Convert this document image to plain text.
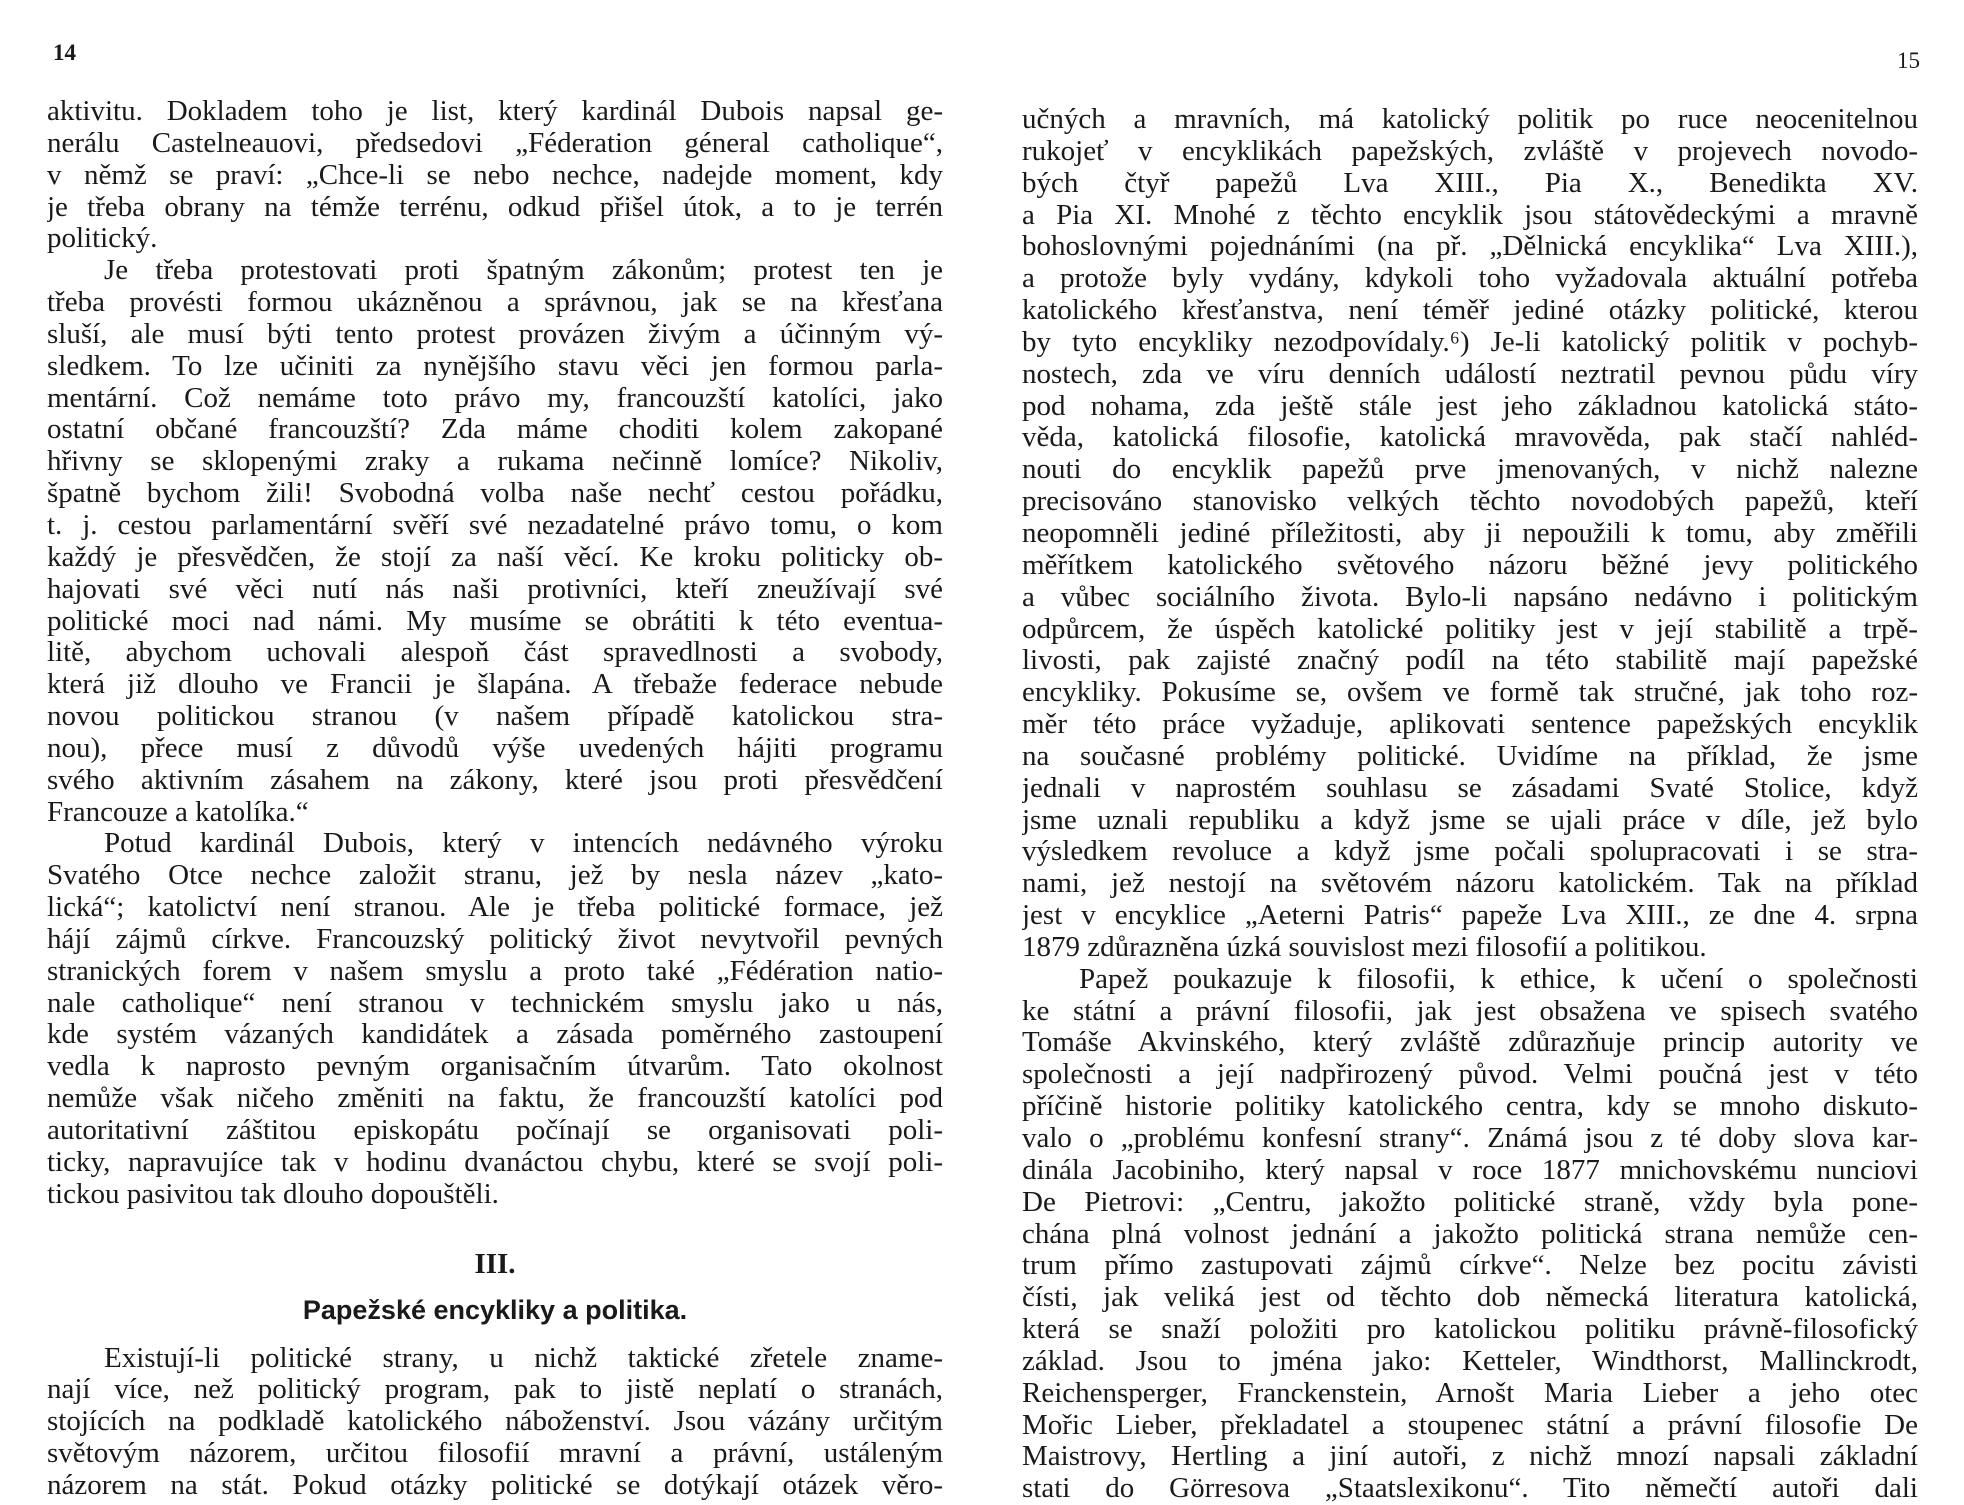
14
aktivitu. Dokladem toho je list, který kardinál Dubois napsal ge-
nerálu Castelneauovi, předsedovi „Féderation géneral catholique“,
v němž se praví: „Chce-li se nebo nechce, nadejde moment, kdy
je třeba obrany na témže terrénu, odkud přišel útok, a to je terrén
politický.
Je třeba protestovati proti špatným zákonům; protest ten je
třeba provésti formou ukázněnou a správnou, jak se na křesťana
sluší, ale musí býti tento protest provázen živým a účinným vý-
sledkem. To lze učiniti za nynějšího stavu věci jen formou parla-
mentární. Což nemáme toto právo my, francouzští katolíci, jako
ostatní občané francouzští? Zda máme choditi kolem zakopané
hřivny se sklopenými zraky a rukama nečinně lomíce? Nikoliv,
špatně bychom žili! Svobodná volba naše nechť cestou pořádku,
t. j. cestou parlamentární svěří své nezadatelné právo tomu, o kom
každý je přesvědčen, že stojí za naší věcí. Ke kroku politicky ob-
hajovati své věci nutí nás naši protivníci, kteří zneužívají své
politické moci nad námi. My musíme se obrátiti k této eventua-
litě, abychom uchovali alespoň část spravedlnosti a svobody,
která již dlouho ve Francii je šlapána. A třebaže federace nebude
novou politickou stranou (v našem případě katolickou stra-
nou), přece musí z důvodů výše uvedených hájiti programu
svého aktivním zásahem na zákony, které jsou proti přesvědčení
Francouze a katolíka.“
Potud kardinál Dubois, který v intencích nedávného výroku
Svatého Otce nechce založit stranu, jež by nesla název „kato-
lická“; katolictví není stranou. Ale je třeba politické formace, jež
hájí zájmů církve. Francouzský politický život nevytvořil pevných
stranických forem v našem smyslu a proto také „Fédération natio-
nale catholique“ není stranou v technickém smyslu jako u nás,
kde systém vázaných kandidátek a zásada poměrného zastoupení
vedla k naprosto pevným organisačním útvarům. Tato okolnost
nemůže však ničeho změniti na faktu, že francouzští katolíci pod
autoritativní záštitou episkopátu počínají se organisovati poli-
ticky, napravujíce tak v hodinu dvanáctou chybu, které se svojí poli-
tickou pasivitou tak dlouho dopouštěli.
III.
Papežské encykliky a politika.
Existují-li politické strany, u nichž taktické zřetele zname-
nají více, než politický program, pak to jistě neplatí o stranách,
stojících na podkladě katolického náboženství. Jsou vázány určitým
světovým názorem, určitou filosofií mravní a právní, ustáleným
názorem na stát. Pokud otázky politické se dotýkají otázek věro-
15
učných a mravních, má katolický politik po ruce neocenitelnou
rukojeť v encyklikách papežských, zvláště v projevech novodo-
bých čtyř papežů Lva XIII., Pia X., Benedikta XV.
a Pia XI. Mnohé z těchto encyklik jsou státovědeckými a mravně
bohoslovnými pojednáními (na př. „Dělnická encyklika“ Lva XIII.),
a protože byly vydány, kdykoli toho vyžadovala aktuální potřeba
katolického křesťanstva, není téměř jediné otázky politické, kterou
by tyto encykliky nezodpovídaly.⁶) Je-li katolický politik v pochyb-
nostech, zda ve víru denních událostí neztratil pevnou půdu víry
pod nohama, zda ještě stále jest jeho základnou katolická státo-
věda, katolická filosofie, katolická mravověda, pak stačí nahléd-
nouti do encyklik papežů prve jmenovaných, v nichž nalezne
precisováno stanovisko velkých těchto novodobých papežů, kteří
neopomněli jediné příležitosti, aby ji nepoužili k tomu, aby změřili
měřítkem katolického světového názoru běžné jevy politického
a vůbec sociálního života. Bylo-li napsáno nedávno i politickým
odpůrcem, že úspěch katolické politiky jest v její stabilitě a trpě-
livosti, pak zajisté značný podíl na této stabilitě mají papežské
encykliky. Pokusíme se, ovšem ve formě tak stručné, jak toho roz-
měr této práce vyžaduje, aplikovati sentence papežských encyklik
na současné problémy politické. Uvidíme na příklad, že jsme
jednali v naprostém souhlasu se zásadami Svaté Stolice, když
jsme uznali republiku a když jsme se ujali práce v díle, jež bylo
výsledkem revoluce a když jsme počali spolupracovati i se stra-
nami, jež nestojí na světovém názoru katolickém. Tak na příklad
jest v encyklice „Aeterni Patris“ papeže Lva XIII., ze dne 4. srpna
1879 zdůrazněna úzká souvislost mezi filosofií a politikou.
Papež poukazuje k filosofii, k ethice, k učení o společnosti
ke státní a právní filosofii, jak jest obsažena ve spisech svatého
Tomáše Akvinského, který zvláště zdůrazňuje princip autority ve
společnosti a její nadpřirozený původ. Velmi poučná jest v této
příčině historie politiky katolického centra, kdy se mnoho diskuto-
valo o „problému konfesní strany“. Známá jsou z té doby slova kar-
dinála Jacobiniho, který napsal v roce 1877 mnichovskému nunciovi
De Pietrovi: „Centru, jakožto politické straně, vždy byla pone-
chána plná volnost jednání a jakožto politická strana nemůže cen-
trum přímo zastupovati zájmů církve“. Nelze bez pocitu závisti
čísti, jak veliká jest od těchto dob německá literatura katolická,
která se snaží položiti pro katolickou politiku právně-filosofický
základ. Jsou to jména jako: Ketteler, Windthorst, Mallinckrodt,
Reichensperger, Franckenstein, Arnošt Maria Lieber a jeho otec
Mořic Lieber, překladatel a stoupenec státní a právní filosofie De
Maistrovy, Hertling a jiní autoři, z nichž mnozí napsali základní
stati do Görresova „Staatslexikonu“. Tito němečtí autoři dali
